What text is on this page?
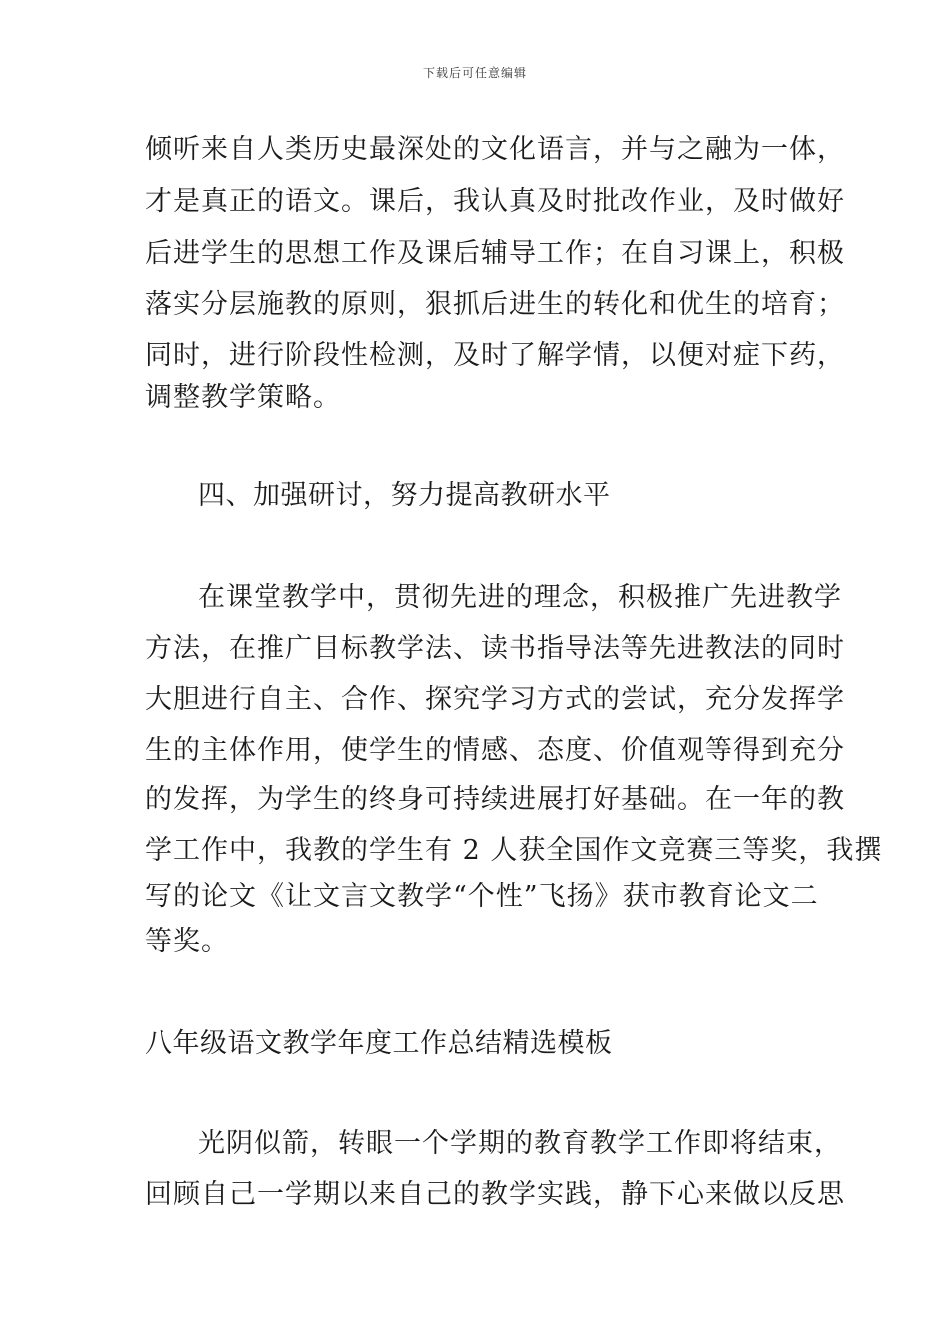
下载后可任意编辑
倾听来自人类历史最深处的文化语言，并与之融为一体，
才是真正的语文。课后，我认真及时批改作业，及时做好
后进学生的思想工作及课后辅导工作；在自习课上，积极
落实分层施教的原则，狠抓后进生的转化和优生的培育；
同时，进行阶段性检测，及时了解学情，以便对症下药，
调整教学策略。
四、加强研讨，努力提高教研水平
在课堂教学中，贯彻先进的理念，积极推广先进教学
方法，在推广目标教学法、读书指导法等先进教法的同时
大胆进行自主、合作、探究学习方式的尝试，充分发挥学
生的主体作用，使学生的情感、态度、价值观等得到充分
的发挥，为学生的终身可持续进展打好基础。在一年的教
学工作中，我教的学生有 2 人获全国作文竞赛三等奖，我撰
写的论文《让文言文教学“个性”飞扬》获市教育论文二
等奖。
八年级语文教学年度工作总结精选模板
光阴似箭，转眼一个学期的教育教学工作即将结束，
回顾自己一学期以来自己的教学实践，静下心来做以反思
